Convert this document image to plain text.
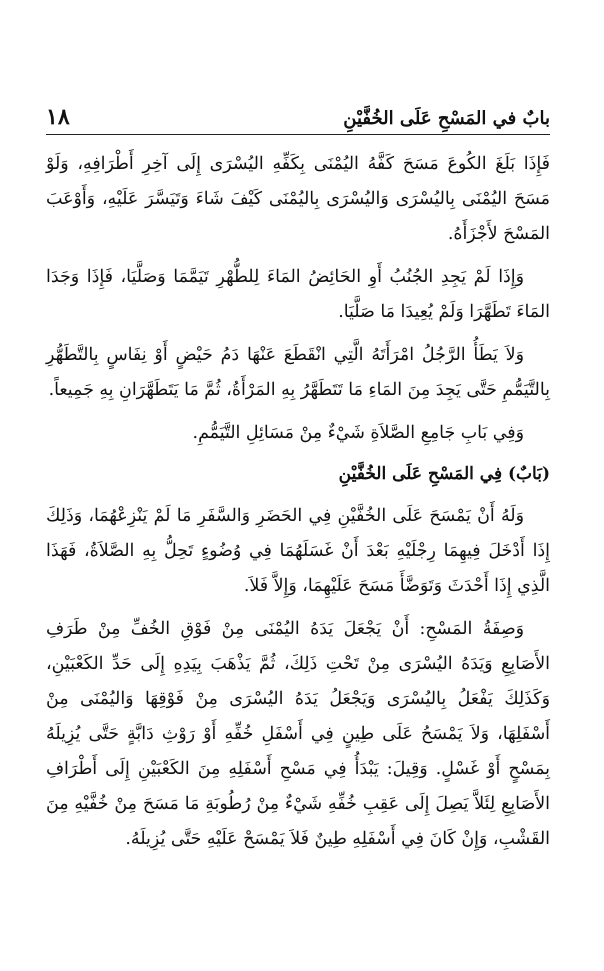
بابٌ في المَسْحِ عَلَى الخُفَّيْنِ
١٨

فَإِذَا بَلَغَ الكُوعَ مَسَحَ كَفَّهُ اليُمْنَى بِكَفِّهِ اليُسْرَى إِلَى آخِرِ أَطْرَافِهِ، وَلَوْ مَسَحَ اليُمْنَى بِاليُسْرَى وَاليُسْرَى بِاليُمْنَى كَيْفَ شَاءَ وَتَيَسَّرَ عَلَيْهِ، وَأَوْعَبَ المَسْحَ لأَجْزَأَهُ.

وَإِذَا لَمْ يَجِدِ الجُنُبُ أَوِ الحَائِضُ المَاءَ لِلطُّهْرِ تَيَمَّمَا وَصَلَّيَا، فَإِذَا وَجَدَا المَاءَ تَطَهَّرَا وَلَمْ يُعِيدَا مَا صَلَّيَا.

وَلاَ يَطَأُ الرَّجُلُ امْرَأَتَهُ الَّتِي انْقَطَعَ عَنْهَا دَمُ حَيْضٍ أَوْ نِفَاسٍ بِالتَّطَهُّرِ بِالتَّيَمُّمِ حَتَّى يَجِدَ مِنَ المَاءِ مَا تَتَطَهَّرُ بِهِ المَرْأَةُ، ثُمَّ مَا يَتَطَهَّرَانِ بِهِ جَمِيعاً.

وَفِي بَابِ جَامِعِ الصَّلاَةِ شَيْءٌ مِنْ مَسَائِلِ التَّيَمُّمِ.

(بَابٌ) فِي المَسْحِ عَلَى الخُفَّيْنِ

وَلَهُ أَنْ يَمْسَحَ عَلَى الخُفَّيْنِ فِي الحَضَرِ وَالسَّفَرِ مَا لَمْ يَنْزِعْهُمَا، وَذَلِكَ إِذَا أَدْخَلَ فِيهِمَا رِجْلَيْهِ بَعْدَ أَنْ غَسَلَهُمَا فِي وُضُوءٍ تَحِلُّ بِهِ الصَّلاَةُ، فَهَذَا الَّذِي إِذَا أَحْدَثَ وَتَوَضَّأَ مَسَحَ عَلَيْهِمَا، وَإِلاَّ فَلاَ.

وَصِفَةُ المَسْحِ: أَنْ يَجْعَلَ يَدَهُ اليُمْنَى مِنْ فَوْقِ الخُفِّ مِنْ طَرَفِ الأَصَابِعِ وَيَدَهُ اليُسْرَى مِنْ تَحْتِ ذَلِكَ، ثُمَّ يَذْهَبَ بِيَدِهِ إِلَى حَدِّ الكَعْبَيْنِ، وَكَذَلِكَ يَفْعَلُ بِاليُسْرَى وَيَجْعَلُ يَدَهُ اليُسْرَى مِنْ فَوْقِهَا وَاليُمْنَى مِنْ أَسْفَلِهَا، وَلاَ يَمْسَحُ عَلَى طِينٍ فِي أَسْفَلِ خُفِّهِ أَوْ رَوْثِ دَابَّةٍ حَتَّى يُزِيلَهُ بِمَسْحٍ أَوْ غَسْلٍ. وَقِيلَ: يَبْدَأُ فِي مَسْحِ أَسْفَلِهِ مِنَ الكَعْبَيْنِ إِلَى أَطْرَافِ الأَصَابِعِ لِئَلاَّ يَصِلَ إِلَى عَقِبِ خُفِّهِ شَيْءٌ مِنْ رُطُوبَةِ مَا مَسَحَ مِنْ خُفَّيْهِ مِنَ القَشْبِ، وَإِنْ كَانَ فِي أَسْفَلِهِ طِينٌ فَلاَ يَمْسَحْ عَلَيْهِ حَتَّى يُزِيلَهُ.
